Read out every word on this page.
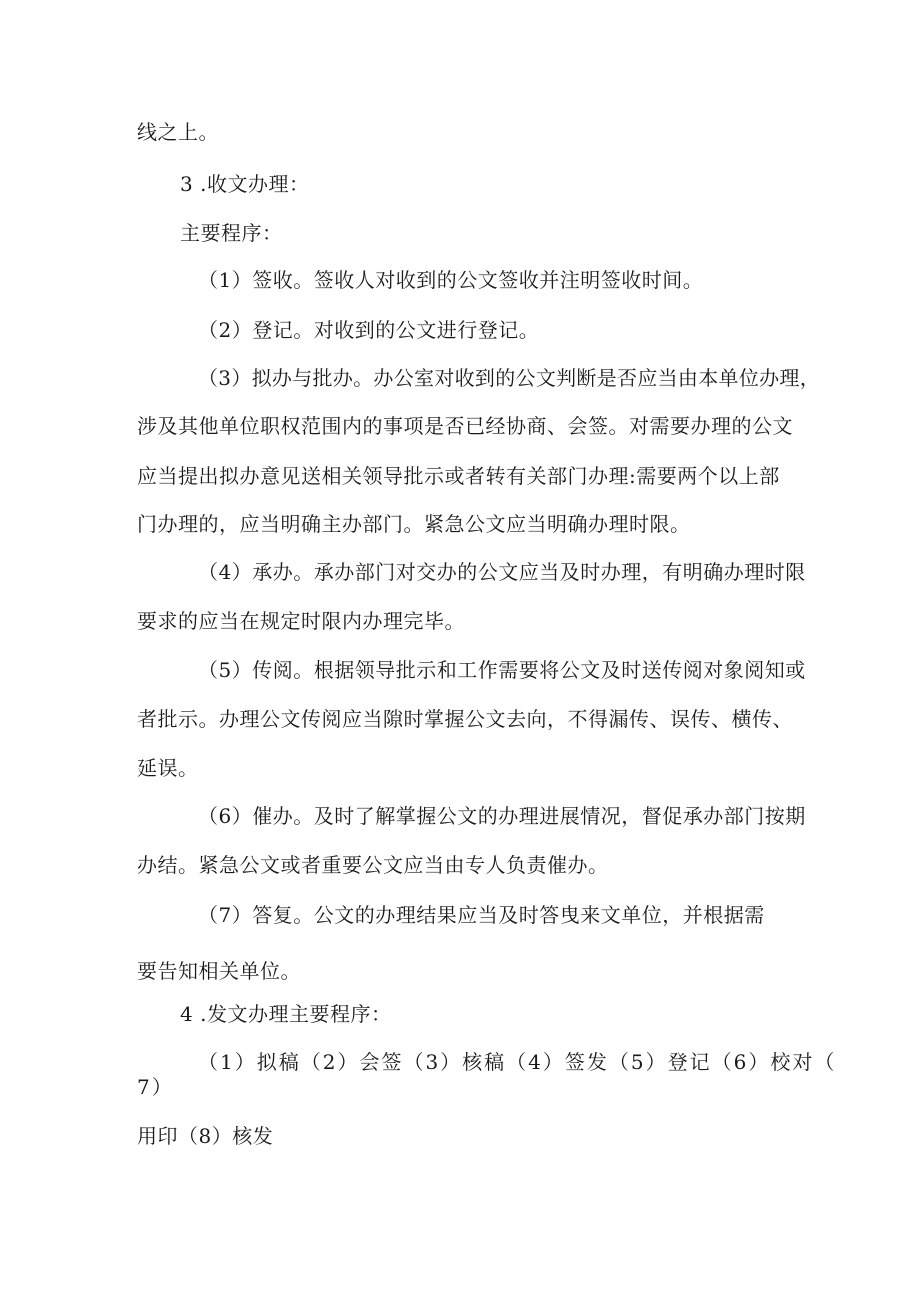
线之上。
3 .收文办理：
主要程序：
（1）签收。签收人对收到的公文签收并注明签收时间。
（2）登记。对收到的公文进行登记。
（3）拟办与批办。办公室对收到的公文判断是否应当由本单位办理，
涉及其他单位职权范围内的事项是否已经协商、会签。对需要办理的公文
应当提出拟办意见送相关领导批示或者转有关部门办理:需要两个以上部
门办理的，应当明确主办部门。紧急公文应当明确办理时限。
（4）承办。承办部门对交办的公文应当及时办理，有明确办理时限
要求的应当在规定时限内办理完毕。
（5）传阅。根据领导批示和工作需要将公文及时送传阅对象阅知或
者批示。办理公文传阅应当隙时掌握公文去向，不得漏传、误传、横传、
延误。
（6）催办。及时了解掌握公文的办理进展情况，督促承办部门按期
办结。紧急公文或者重要公文应当由专人负责催办。
（7）答复。公文的办理结果应当及时答曳来文单位，并根据需
要告知相关单位。
4 .发文办理主要程序：
（1）拟稿（2）会签（3）核稿（4）签发（5）登记（6）校对（
7）
用印（8）核发
